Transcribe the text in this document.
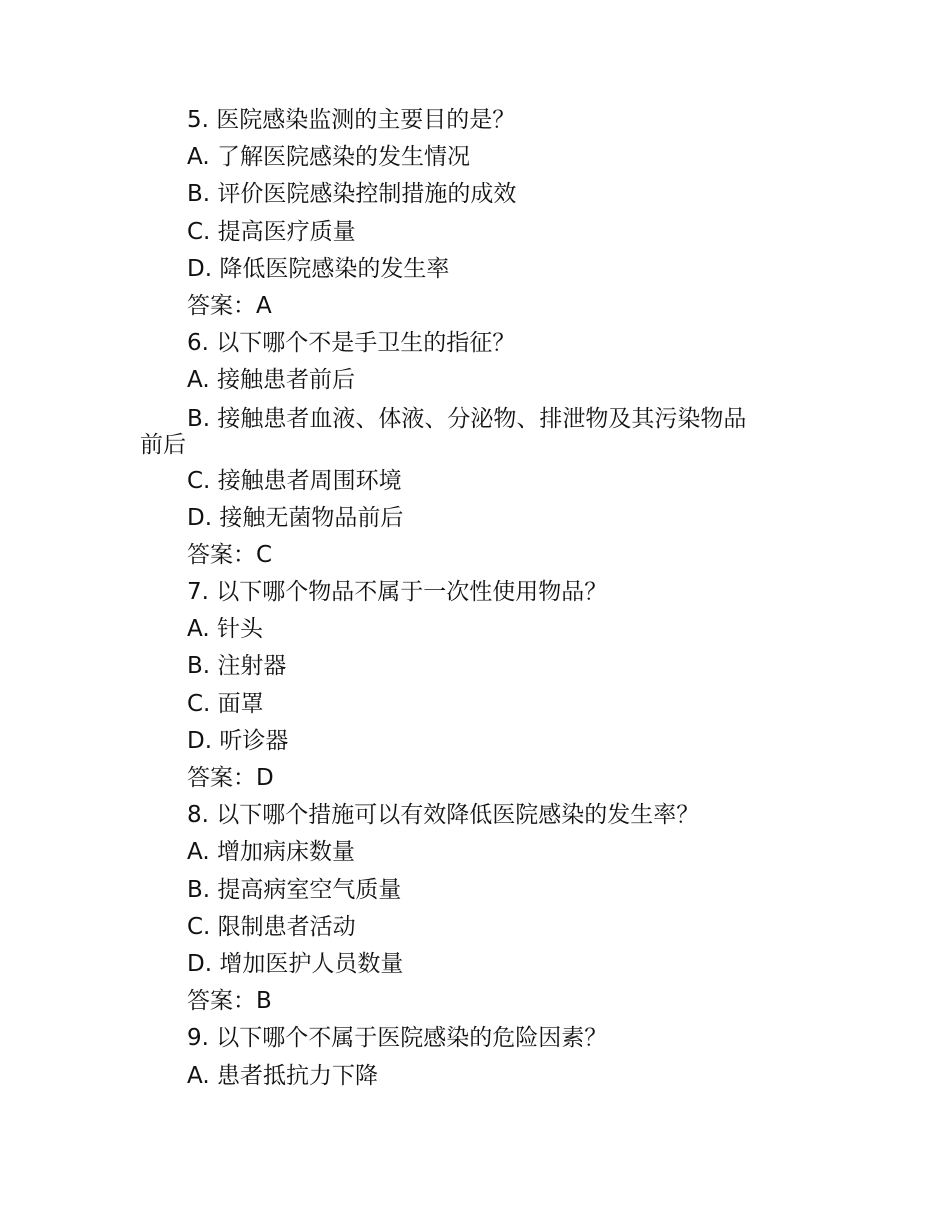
5. 医院感染监测的主要目的是？
A. 了解医院感染的发生情况
B. 评价医院感染控制措施的成效
C. 提高医疗质量
D. 降低医院感染的发生率
答案：A
6. 以下哪个不是手卫生的指征？
A. 接触患者前后
B. 接触患者血液、体液、分泌物、排泄物及其污染物品
前后
C. 接触患者周围环境
D. 接触无菌物品前后
答案：C
7. 以下哪个物品不属于一次性使用物品？
A. 针头
B. 注射器
C. 面罩
D. 听诊器
答案：D
8. 以下哪个措施可以有效降低医院感染的发生率？
A. 增加病床数量
B. 提高病室空气质量
C. 限制患者活动
D. 增加医护人员数量
答案：B
9. 以下哪个不属于医院感染的危险因素？
A. 患者抵抗力下降
